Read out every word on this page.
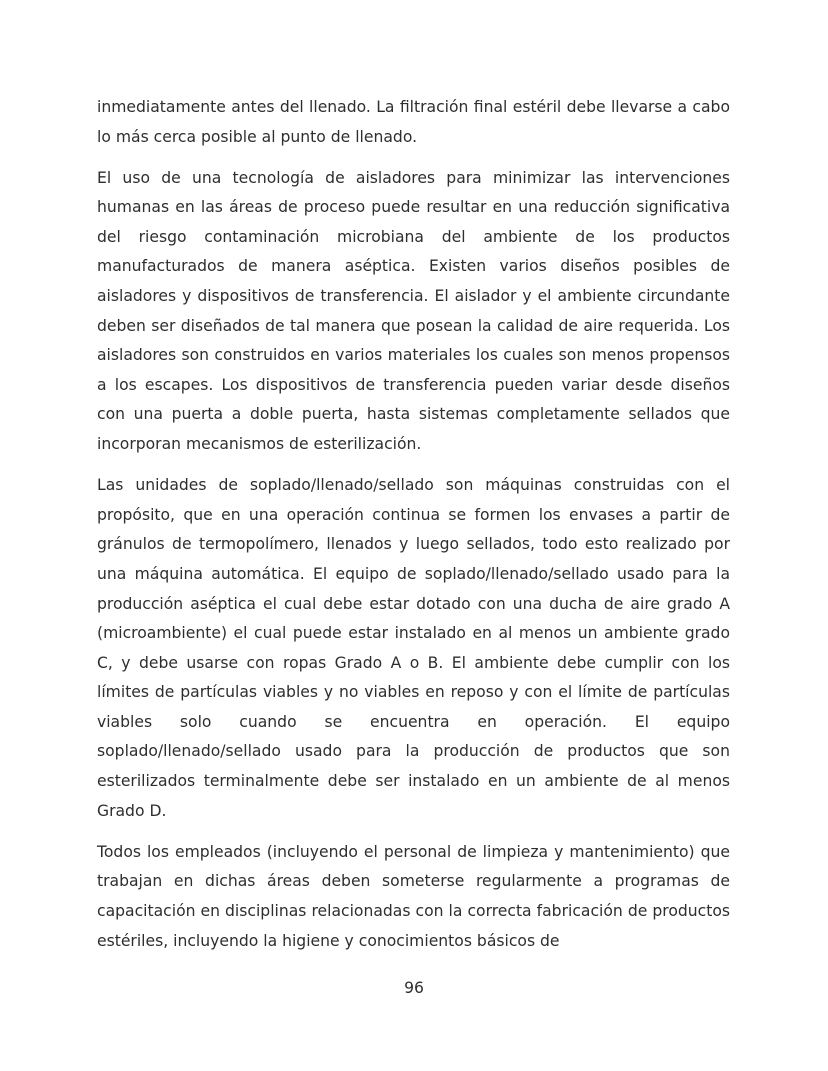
inmediatamente antes del llenado. La filtración final estéril debe llevarse a cabo lo más cerca posible al punto de llenado.

El uso de una tecnología de aisladores para minimizar las intervenciones humanas en las áreas de proceso puede resultar en una reducción significativa del riesgo contaminación microbiana del ambiente de los productos manufacturados de manera aséptica. Existen varios diseños posibles de aisladores y dispositivos de transferencia. El aislador y el ambiente circundante deben ser diseñados de tal manera que posean la calidad de aire requerida. Los aisladores son construidos en varios materiales los cuales son menos propensos a los escapes. Los dispositivos de transferencia pueden variar desde diseños con una puerta a doble puerta, hasta sistemas completamente sellados que incorporan mecanismos de esterilización.

Las unidades de soplado/llenado/sellado son máquinas construidas con el propósito, que en una operación continua se formen los envases a partir de gránulos de termopolímero, llenados y luego sellados, todo esto realizado por una máquina automática. El equipo de soplado/llenado/sellado usado para la producción aséptica el cual debe estar dotado con una ducha de aire grado A (microambiente) el cual puede estar instalado en al menos un ambiente grado C, y debe usarse con ropas Grado A o B. El ambiente debe cumplir con los límites de partículas viables y no viables en reposo y con el límite de partículas viables solo cuando se encuentra en operación. El equipo soplado/llenado/sellado usado para la producción de productos que son esterilizados terminalmente debe ser instalado en un ambiente de al menos Grado D.

Todos los empleados (incluyendo el personal de limpieza y mantenimiento) que trabajan en dichas áreas deben someterse regularmente a programas de capacitación en disciplinas relacionadas con la correcta fabricación de productos estériles, incluyendo la higiene y conocimientos básicos de

96
